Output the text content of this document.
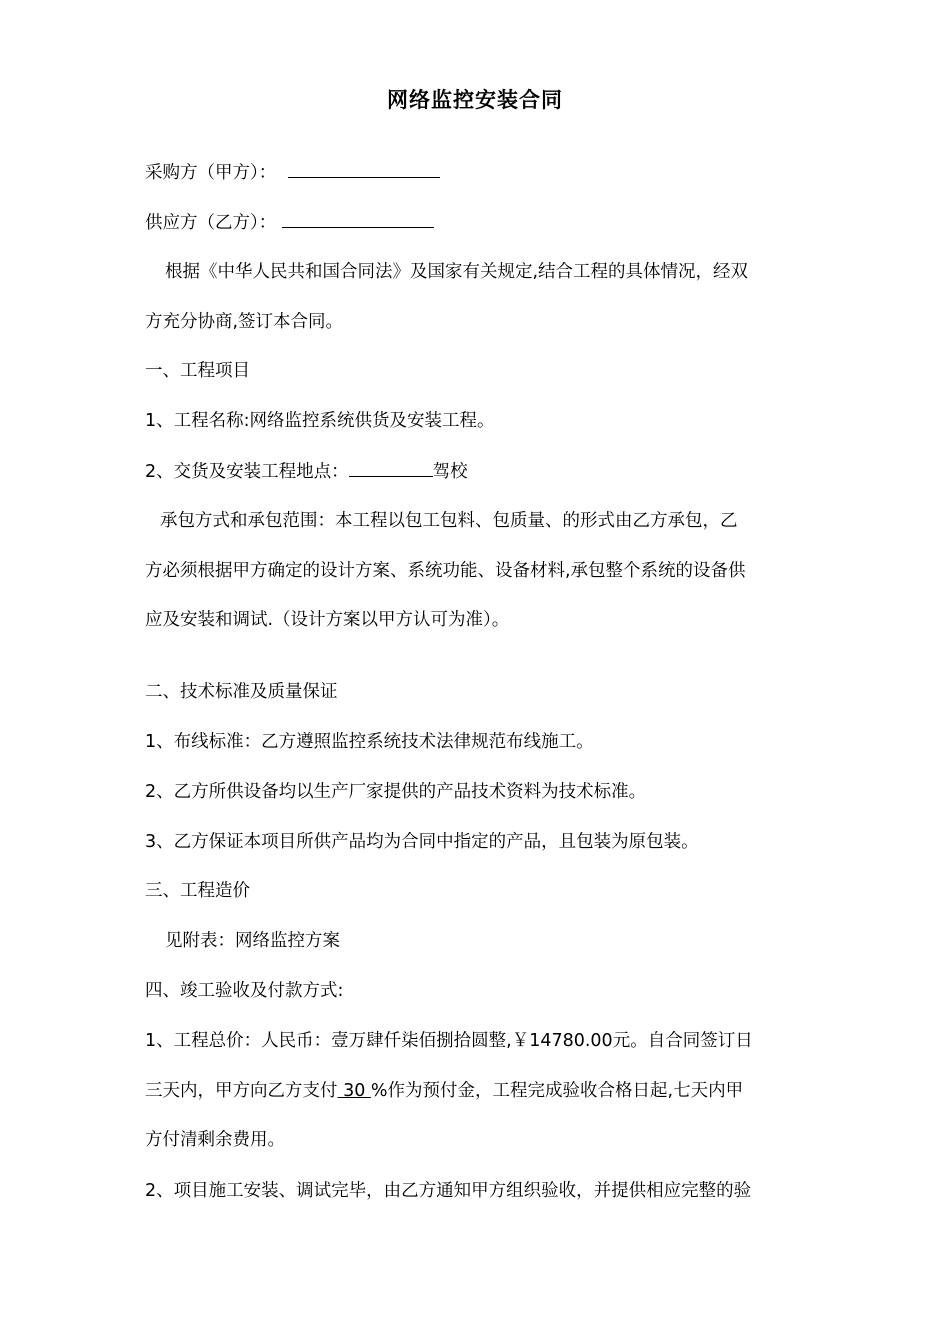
网络监控安装合同
采购方（甲方）：
供应方（乙方）：
根据《中华人民共和国合同法》及国家有关规定,结合工程的具体情况，经双
方充分协商,签订本合同。
一、工程项目
1、工程名称:网络监控系统供货及安装工程。
2、交货及安装工程地点：	驾校
承包方式和承包范围：本工程以包工包料、包质量、的形式由乙方承包，乙
方必须根据甲方确定的设计方案、系统功能、设备材料,承包整个系统的设备供
应及安装和调试.（设计方案以甲方认可为准）。
二、技术标准及质量保证
1、布线标准：乙方遵照监控系统技术法律规范布线施工。
2、乙方所供设备均以生产厂家提供的产品技术资料为技术标准。
3、乙方保证本项目所供产品均为合同中指定的产品，且包装为原包装。
三、工程造价
见附表：网络监控方案
四、竣工验收及付款方式:
1、工程总价：人民币：壹万肆仟柒佰捌拾圆整,￥14780.00元。自合同签订日
三天内，甲方向乙方支付 30 %作为预付金，工程完成验收合格日起,七天内甲
方付清剩余费用。
2、项目施工安装、调试完毕，由乙方通知甲方组织验收，并提供相应完整的验
